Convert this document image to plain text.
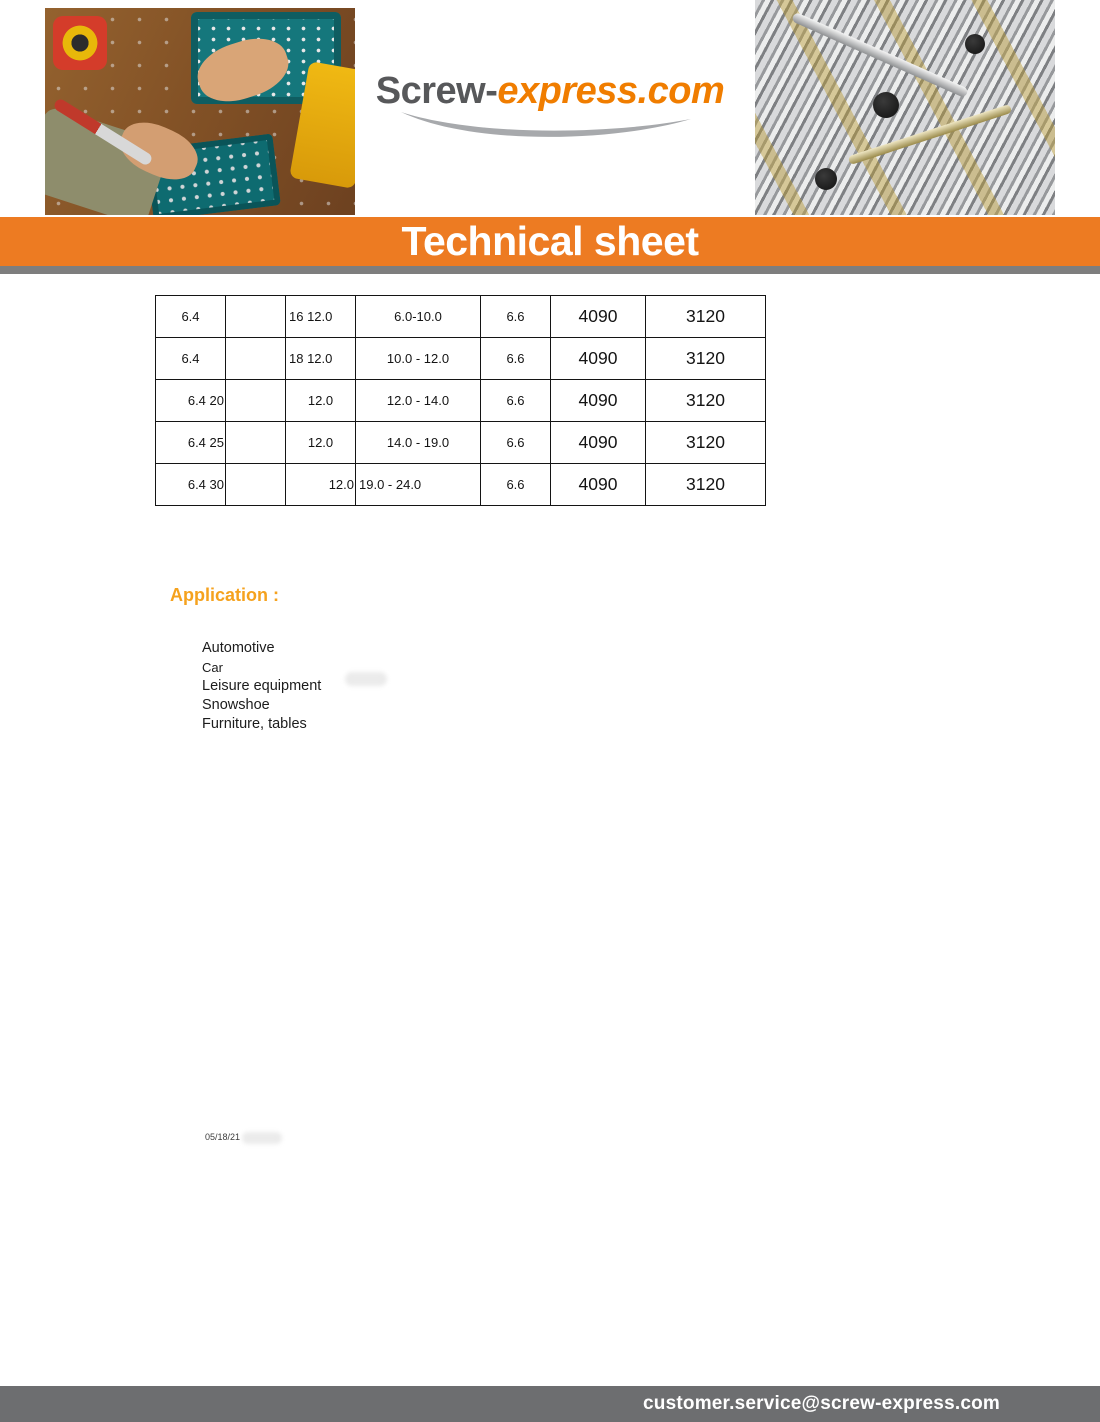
Screw-express.com
Technical sheet
6.4	16 12.0	6.0-10.0	6.6	4090	3120
6.4	18 12.0	10.0 - 12.0	6.6	4090	3120
6.4 20	12.0	12.0 - 14.0	6.6	4090	3120
6.4 25	12.0	14.0 - 19.0	6.6	4090	3120
6.4 30	12.0 19.0 - 24.0	6.6	4090	3120
Application :
Automotive
Car
Leisure equipment
Snowshoe
Furniture, tables
05/18/21
customer.service@screw-express.com
